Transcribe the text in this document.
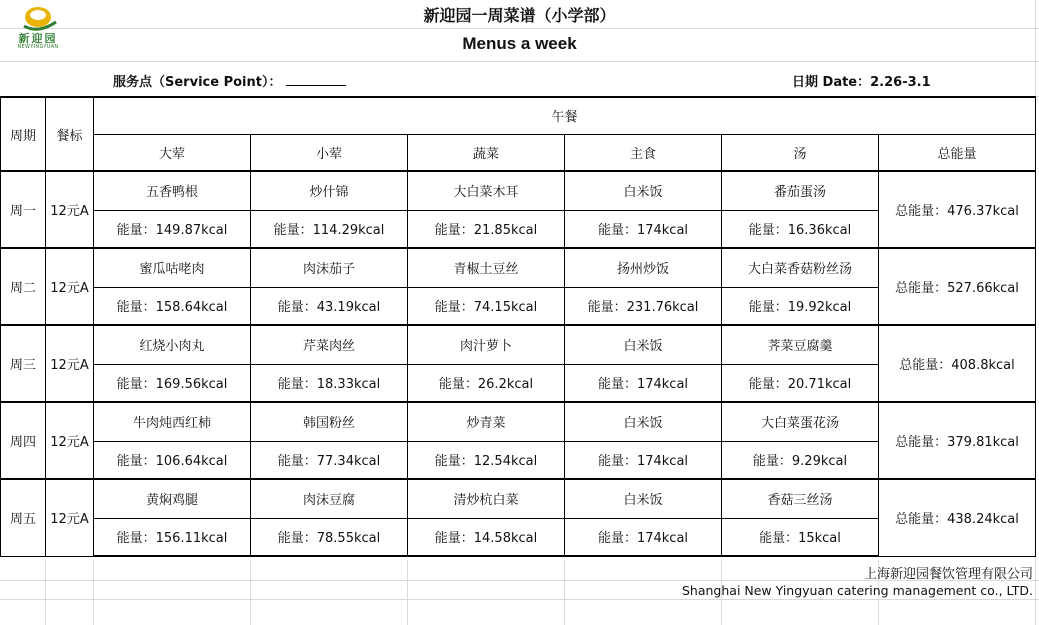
新迎园
NEWYINGYUAN
新迎园一周菜谱（小学部）
Menus a week
服务点（Service Point）：	日期 Date：2.26-3.1
周期	餐标	午餐					
		大荤	小荤	蔬菜	主食	汤	总能量
周一	12元A	五香鸭根	炒什锦	大白菜木耳	白米饭	番茄蛋汤	总能量：476.37kcal
		能量：149.87kcal	能量：114.29kcal	能量：21.85kcal	能量：174kcal	能量：16.36kcal	
周二	12元A	蜜瓜咕咾肉	肉沫茄子	青椒土豆丝	扬州炒饭	大白菜香菇粉丝汤	总能量：527.66kcal
		能量：158.64kcal	能量：43.19kcal	能量：74.15kcal	能量：231.76kcal	能量：19.92kcal	
周三	12元A	红烧小肉丸	芹菜肉丝	肉汁萝卜	白米饭	荠菜豆腐羹	总能量：408.8kcal
		能量：169.56kcal	能量：18.33kcal	能量：26.2kcal	能量：174kcal	能量：20.71kcal	
周四	12元A	牛肉炖西红柿	韩国粉丝	炒青菜	白米饭	大白菜蛋花汤	总能量：379.81kcal
		能量：106.64kcal	能量：77.34kcal	能量：12.54kcal	能量：174kcal	能量：9.29kcal	
周五	12元A	黄焖鸡腿	肉沫豆腐	清炒杭白菜	白米饭	香菇三丝汤	总能量：438.24kcal
		能量：156.11kcal	能量：78.55kcal	能量：14.58kcal	能量：174kcal	能量：15kcal	
上海新迎园餐饮管理有限公司
Shanghai New Yingyuan catering management co., LTD.
